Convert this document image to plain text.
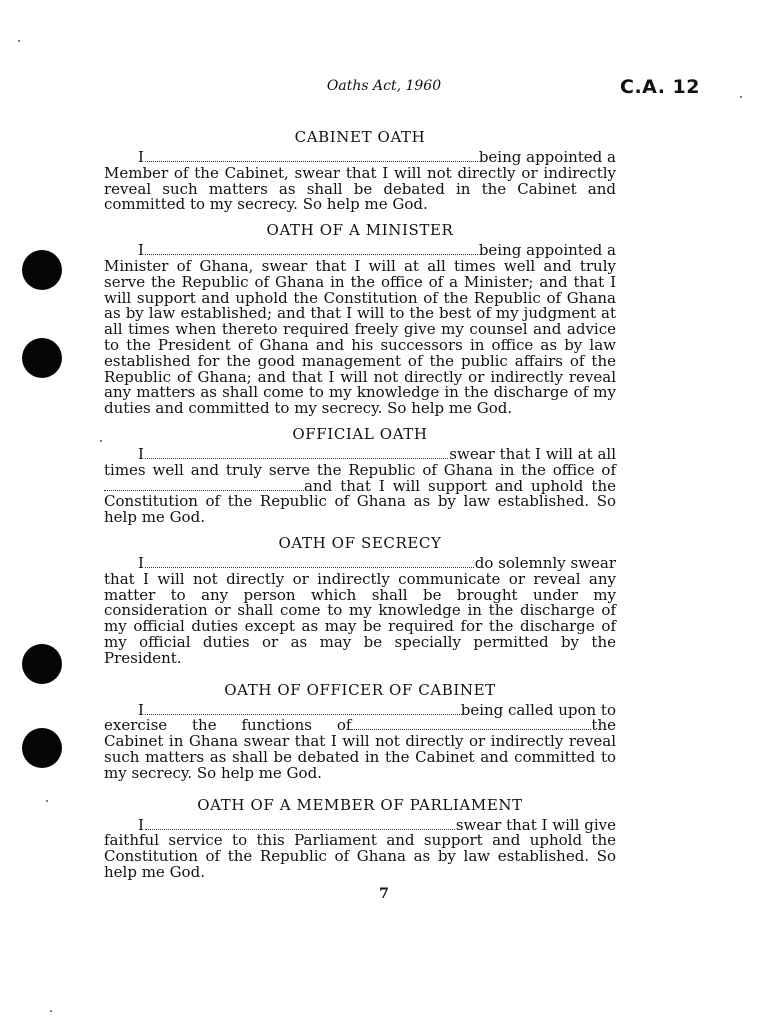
Oaths Act, 1960	C.A. 12
CABINET OATH
I	being appointed a
Member of the Cabinet, swear that I will not directly or indirectly reveal such matters as shall be debated in the Cabinet and committed to my secrecy. So help me God.
OATH OF A MINISTER
I	being appointed a
Minister of Ghana, swear that I will at all times well and truly serve the Republic of Ghana in the office of a Minister; and that I will support and uphold the Constitution of the Republic of Ghana as by law established; and that I will to the best of my judgment at all times when thereto required freely give my counsel and advice to the President of Ghana and his successors in office as by law established for the good management of the public affairs of the Republic of Ghana; and that I will not directly or indirectly reveal any matters as shall come to my knowledge in the discharge of my duties and committed to my secrecy. So help me God.
OFFICIAL OATH
I	swear that I will at all
times well and truly serve the Republic of Ghana in the office ofand that I will support and uphold the Constitution of the Republic of Ghana as by law established. So help me God.
OATH OF SECRECY
I	do solemnly swear
that I will not directly or indirectly communicate or reveal any matter to any person which shall be brought under my consideration or shall come to my knowledge in the discharge of my official duties except as may be required for the discharge of my official duties or as may be specially permitted by the President.
OATH OF OFFICER OF CABINET
I	being called upon to
exercise the functions of	the Cabinet in Ghana swear that I will not directly or indirectly reveal such matters as shall be debated in the Cabinet and committed to my secrecy. So help me God.
OATH OF A MEMBER OF PARLIAMENT
I	swear that I will give
faithful service to this Parliament and support and uphold the Constitution of the Republic of Ghana as by law established. So help me God.
7
